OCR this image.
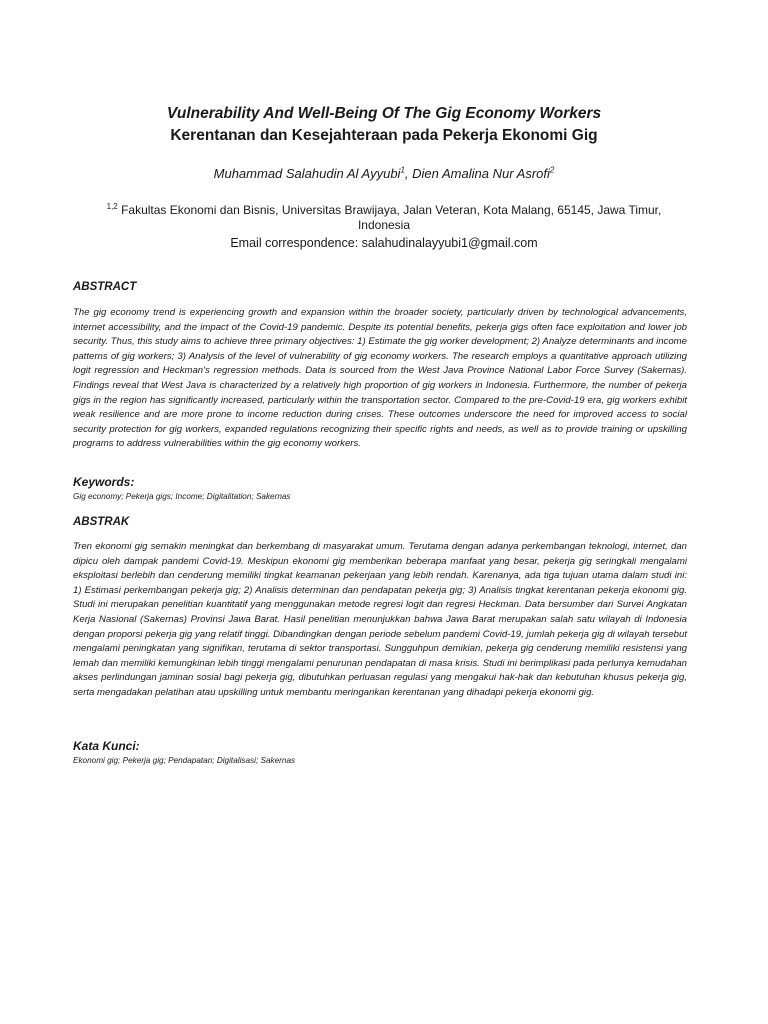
Vulnerability And Well-Being Of The Gig Economy Workers
Kerentanan dan Kesejahteraan pada Pekerja Ekonomi Gig
Muhammad Salahudin Al Ayyubi$^1$, Dien Amalina Nur Asrofi$^2$
$^{1,2}$ Fakultas Ekonomi dan Bisnis, Universitas Brawijaya, Jalan Veteran, Kota Malang, 65145, Jawa Timur, Indonesia
Email correspondence: salahudinalayyubi1@gmail.com
ABSTRACT

The gig economy trend is experiencing growth and expansion within the broader society, particularly driven by technological advancements, internet accessibility, and the impact of the Covid-19 pandemic. Despite its potential benefits, pekerja gigs often face exploitation and lower job security. Thus, this study aims to achieve three primary objectives: 1) Estimate the gig worker development; 2) Analyze determinants and income patterns of gig workers; 3) Analysis of the level of vulnerability of gig economy workers. The research employs a quantitative approach utilizing logit regression and Heckman's regression methods. Data is sourced from the West Java Province National Labor Force Survey (Sakernas). Findings reveal that West Java is characterized by a relatively high proportion of gig workers in Indonesia. Furthermore, the number of pekerja gigs in the region has significantly increased, particularly within the transportation sector. Compared to the pre-Covid-19 era, gig workers exhibit weak resilience and are more prone to income reduction during crises. These outcomes underscore the need for improved access to social security protection for gig workers, expanded regulations recognizing their specific rights and needs, as well as to provide training or upskilling programs to address vulnerabilities within the gig economy workers.

Keywords:
Gig economy; Pekerja gigs; Income; Digitalitation; Sakernas
ABSTRAK

Tren ekonomi gig semakin meningkat dan berkembang di masyarakat umum. Terutama dengan adanya perkembangan teknologi, internet, dan dipicu oleh dampak pandemi Covid-19. Meskipun ekonomi gig memberikan beberapa manfaat yang besar, pekerja gig seringkali mengalami eksploitasi berlebih dan cenderung memiliki tingkat keamanan pekerjaan yang lebih rendah. Karenanya, ada tiga tujuan utama dalam studi ini: 1) Estimasi perkembangan pekerja gig; 2) Analisis determinan dan pendapatan pekerja gig; 3) Analisis tingkat kerentanan pekerja ekonomi gig. Studi ini merupakan penelitian kuantitatif yang menggunakan metode regresi logit dan regresi Heckman. Data bersumber dari Survei Angkatan Kerja Nasional (Sakernas) Provinsi Jawa Barat. Hasil penelitian menunjukkan bahwa Jawa Barat merupakan salah satu wilayah di Indonesia dengan proporsi pekerja gig yang relatif tinggi. Dibandingkan dengan periode sebelum pandemi Covid-19, jumlah pekerja gig di wilayah tersebut mengalami peningkatan yang signifikan, terutama di sektor transportasi. Sungguhpun demikian, pekerja gig cenderung memiliki resistensi yang lemah dan memiliki kemungkinan lebih tinggi mengalami penurunan pendapatan di masa krisis. Studi ini berimplikasi pada perlunya kemudahan akses perlindungan jaminan sosial bagi pekerja gig, dibutuhkan perluasan regulasi yang mengakui hak-hak dan kebutuhan khusus pekerja gig, serta mengadakan pelatihan atau upskilling untuk membantu meringankan kerentanan yang dihadapi pekerja ekonomi gig.

Kata Kunci:
Ekonomi gig; Pekerja gig; Pendapatan; Digitalisasi; Sakernas
